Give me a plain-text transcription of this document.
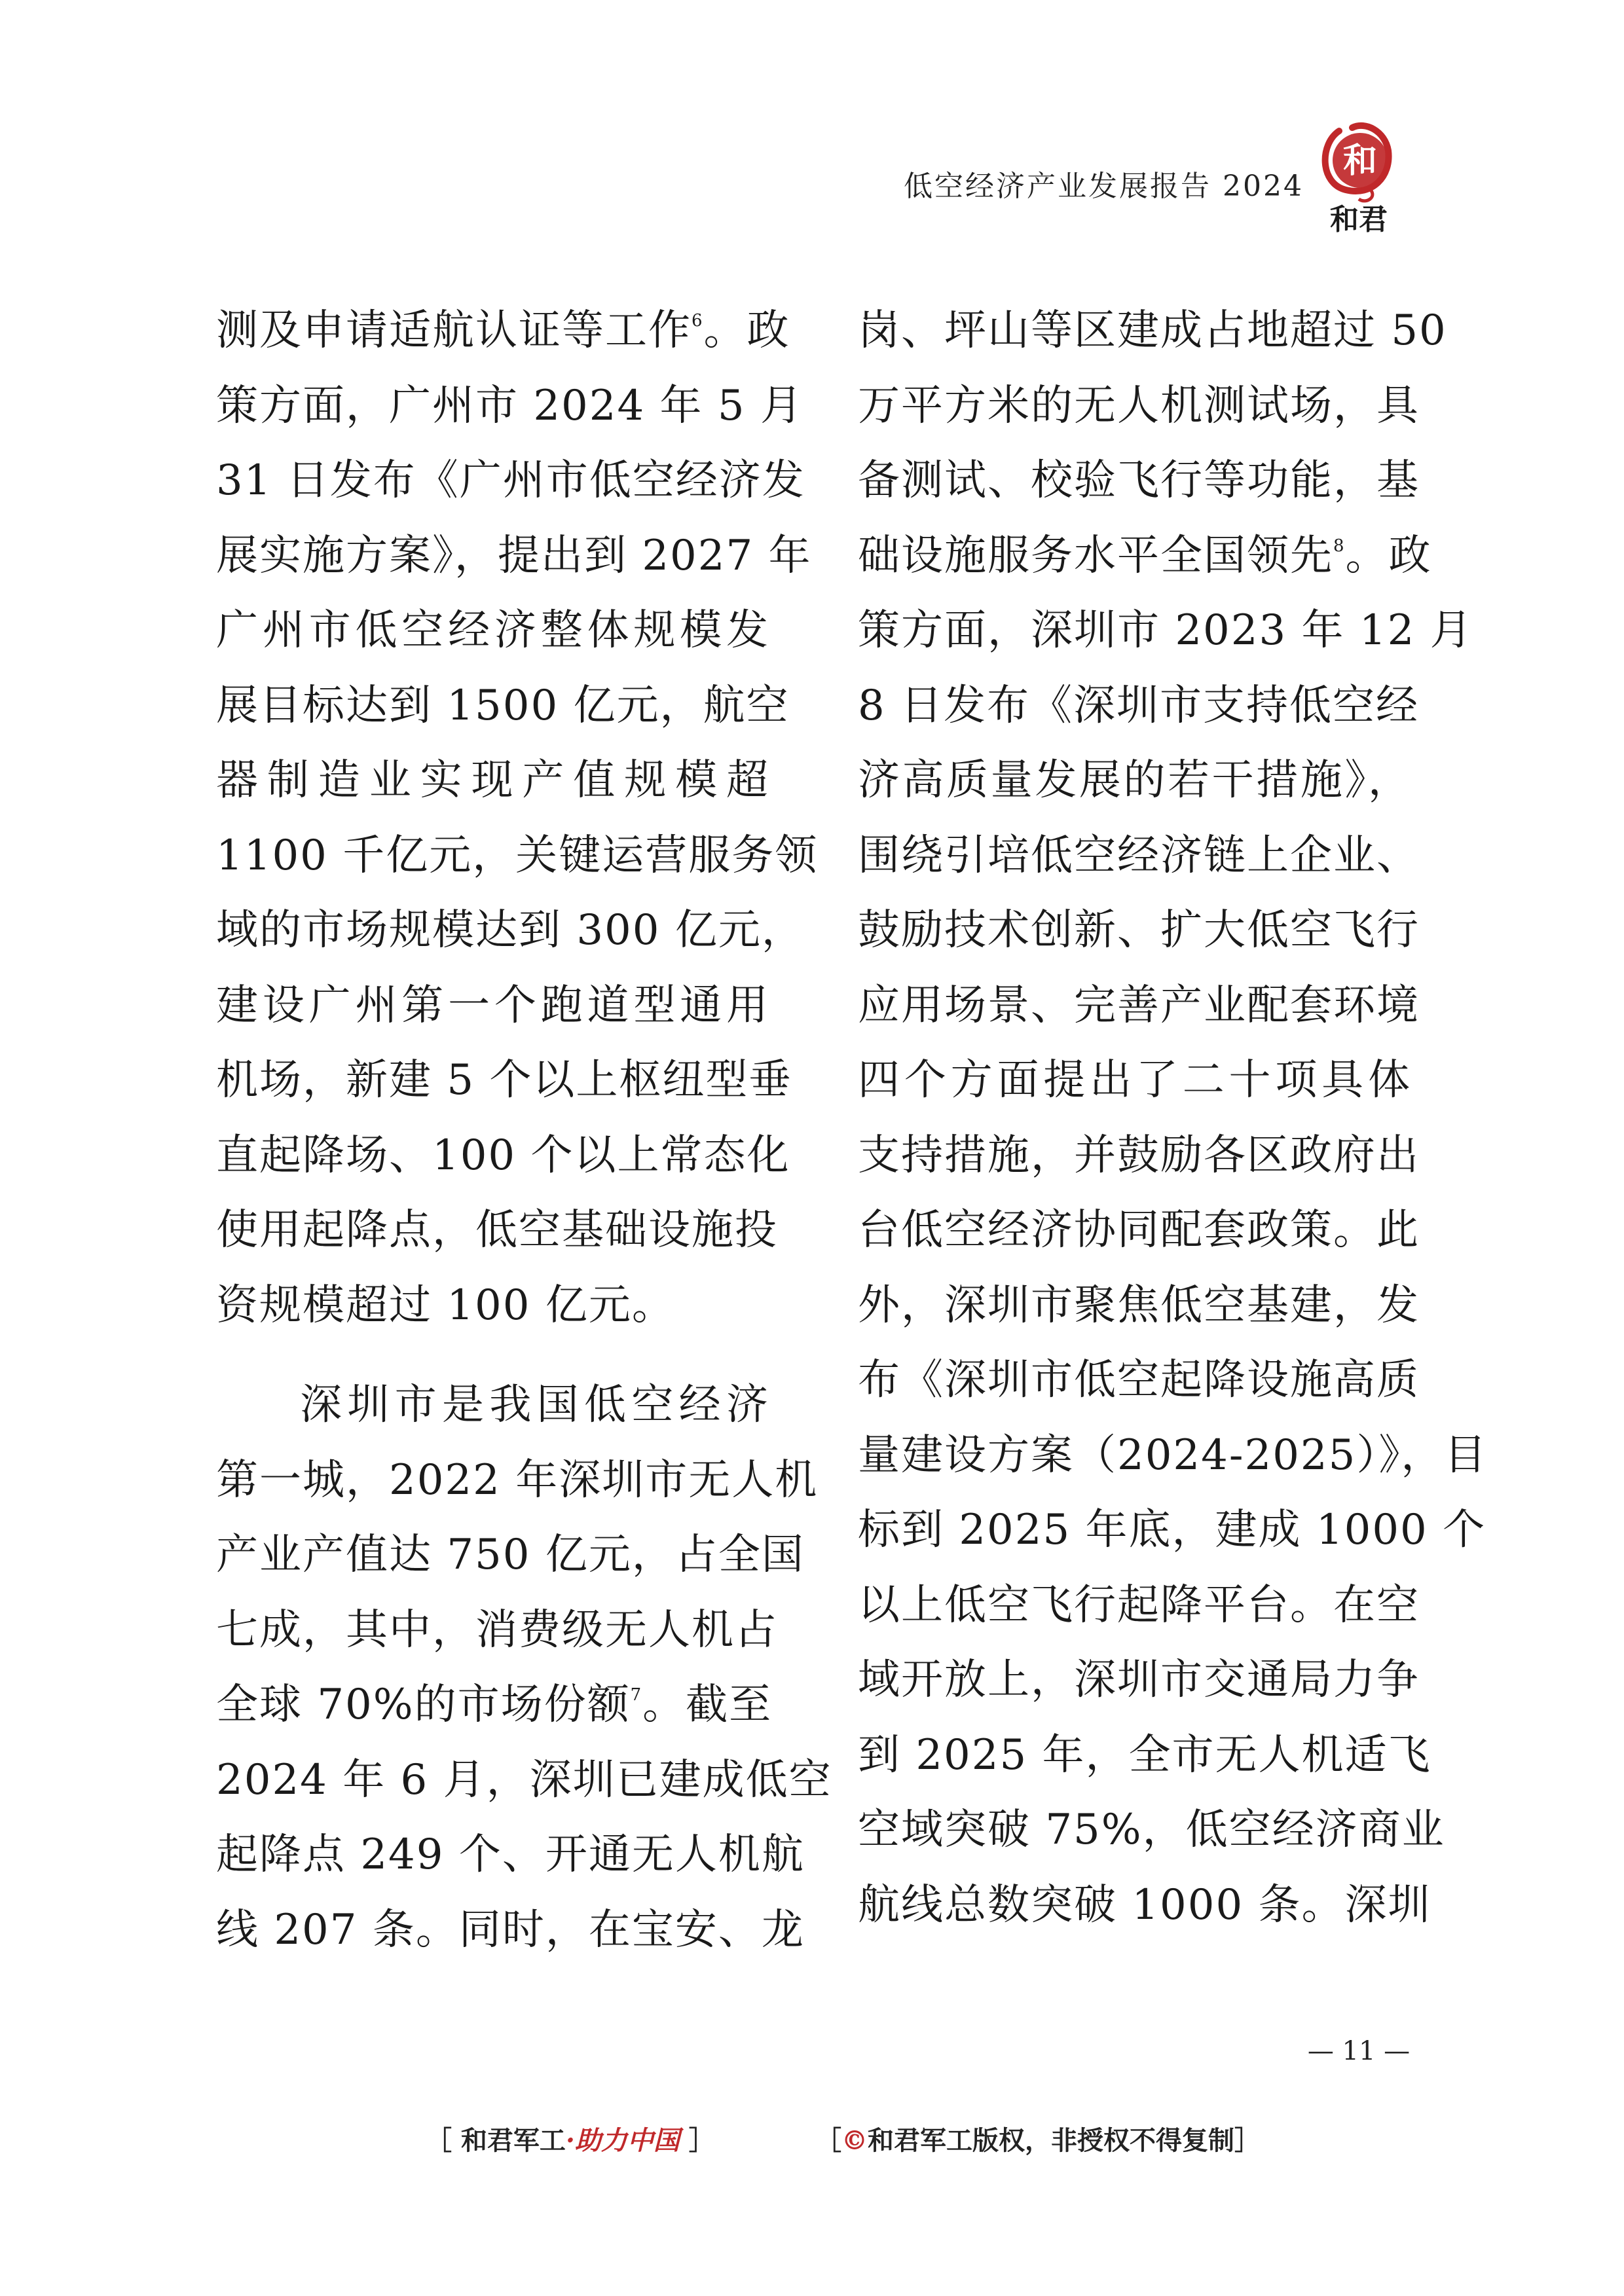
低空经济产业发展报告 2024
和
和君
测及申请适航认证等工作$^6$。政
策方面，广州市 2024 年 5 月
31 日发布《广州市低空经济发
展实施方案》，提出到 2027 年
广州市低空经济整体规模发
展目标达到 1500 亿元，航空
器制造业实现产值规模超
1100 千亿元，关键运营服务领
域的市场规模达到 300 亿元，
建设广州第一个跑道型通用
机场，新建 5 个以上枢纽型垂
直起降场、100 个以上常态化
使用起降点，低空基础设施投
资规模超过 100 亿元。
深圳市是我国低空经济
第一城，2022 年深圳市无人机
产业产值达 750 亿元，占全国
七成，其中，消费级无人机占
全球 70%的市场份额$^7$。截至
2024 年 6 月，深圳已建成低空
起降点 249 个、开通无人机航
线 207 条。同时，在宝安、龙
岗、坪山等区建成占地超过 50
万平方米的无人机测试场，具
备测试、校验飞行等功能，基
础设施服务水平全国领先$^8$。政
策方面，深圳市 2023 年 12 月
8 日发布《深圳市支持低空经
济高质量发展的若干措施》，
围绕引培低空经济链上企业、
鼓励技术创新、扩大低空飞行
应用场景、完善产业配套环境
四个方面提出了二十项具体
支持措施，并鼓励各区政府出
台低空经济协同配套政策。此
外，深圳市聚焦低空基建，发
布《深圳市低空起降设施高质
量建设方案（2024-2025）》，目
标到 2025 年底，建成 1000 个
以上低空飞行起降平台。在空
域开放上，深圳市交通局力争
到 2025 年，全市无人机适飞
空域突破 75%，低空经济商业
航线总数突破 1000 条。深圳
— 11 —
［ 和君军工·助力中国 ］	［©和君军工版权，非授权不得复制］
